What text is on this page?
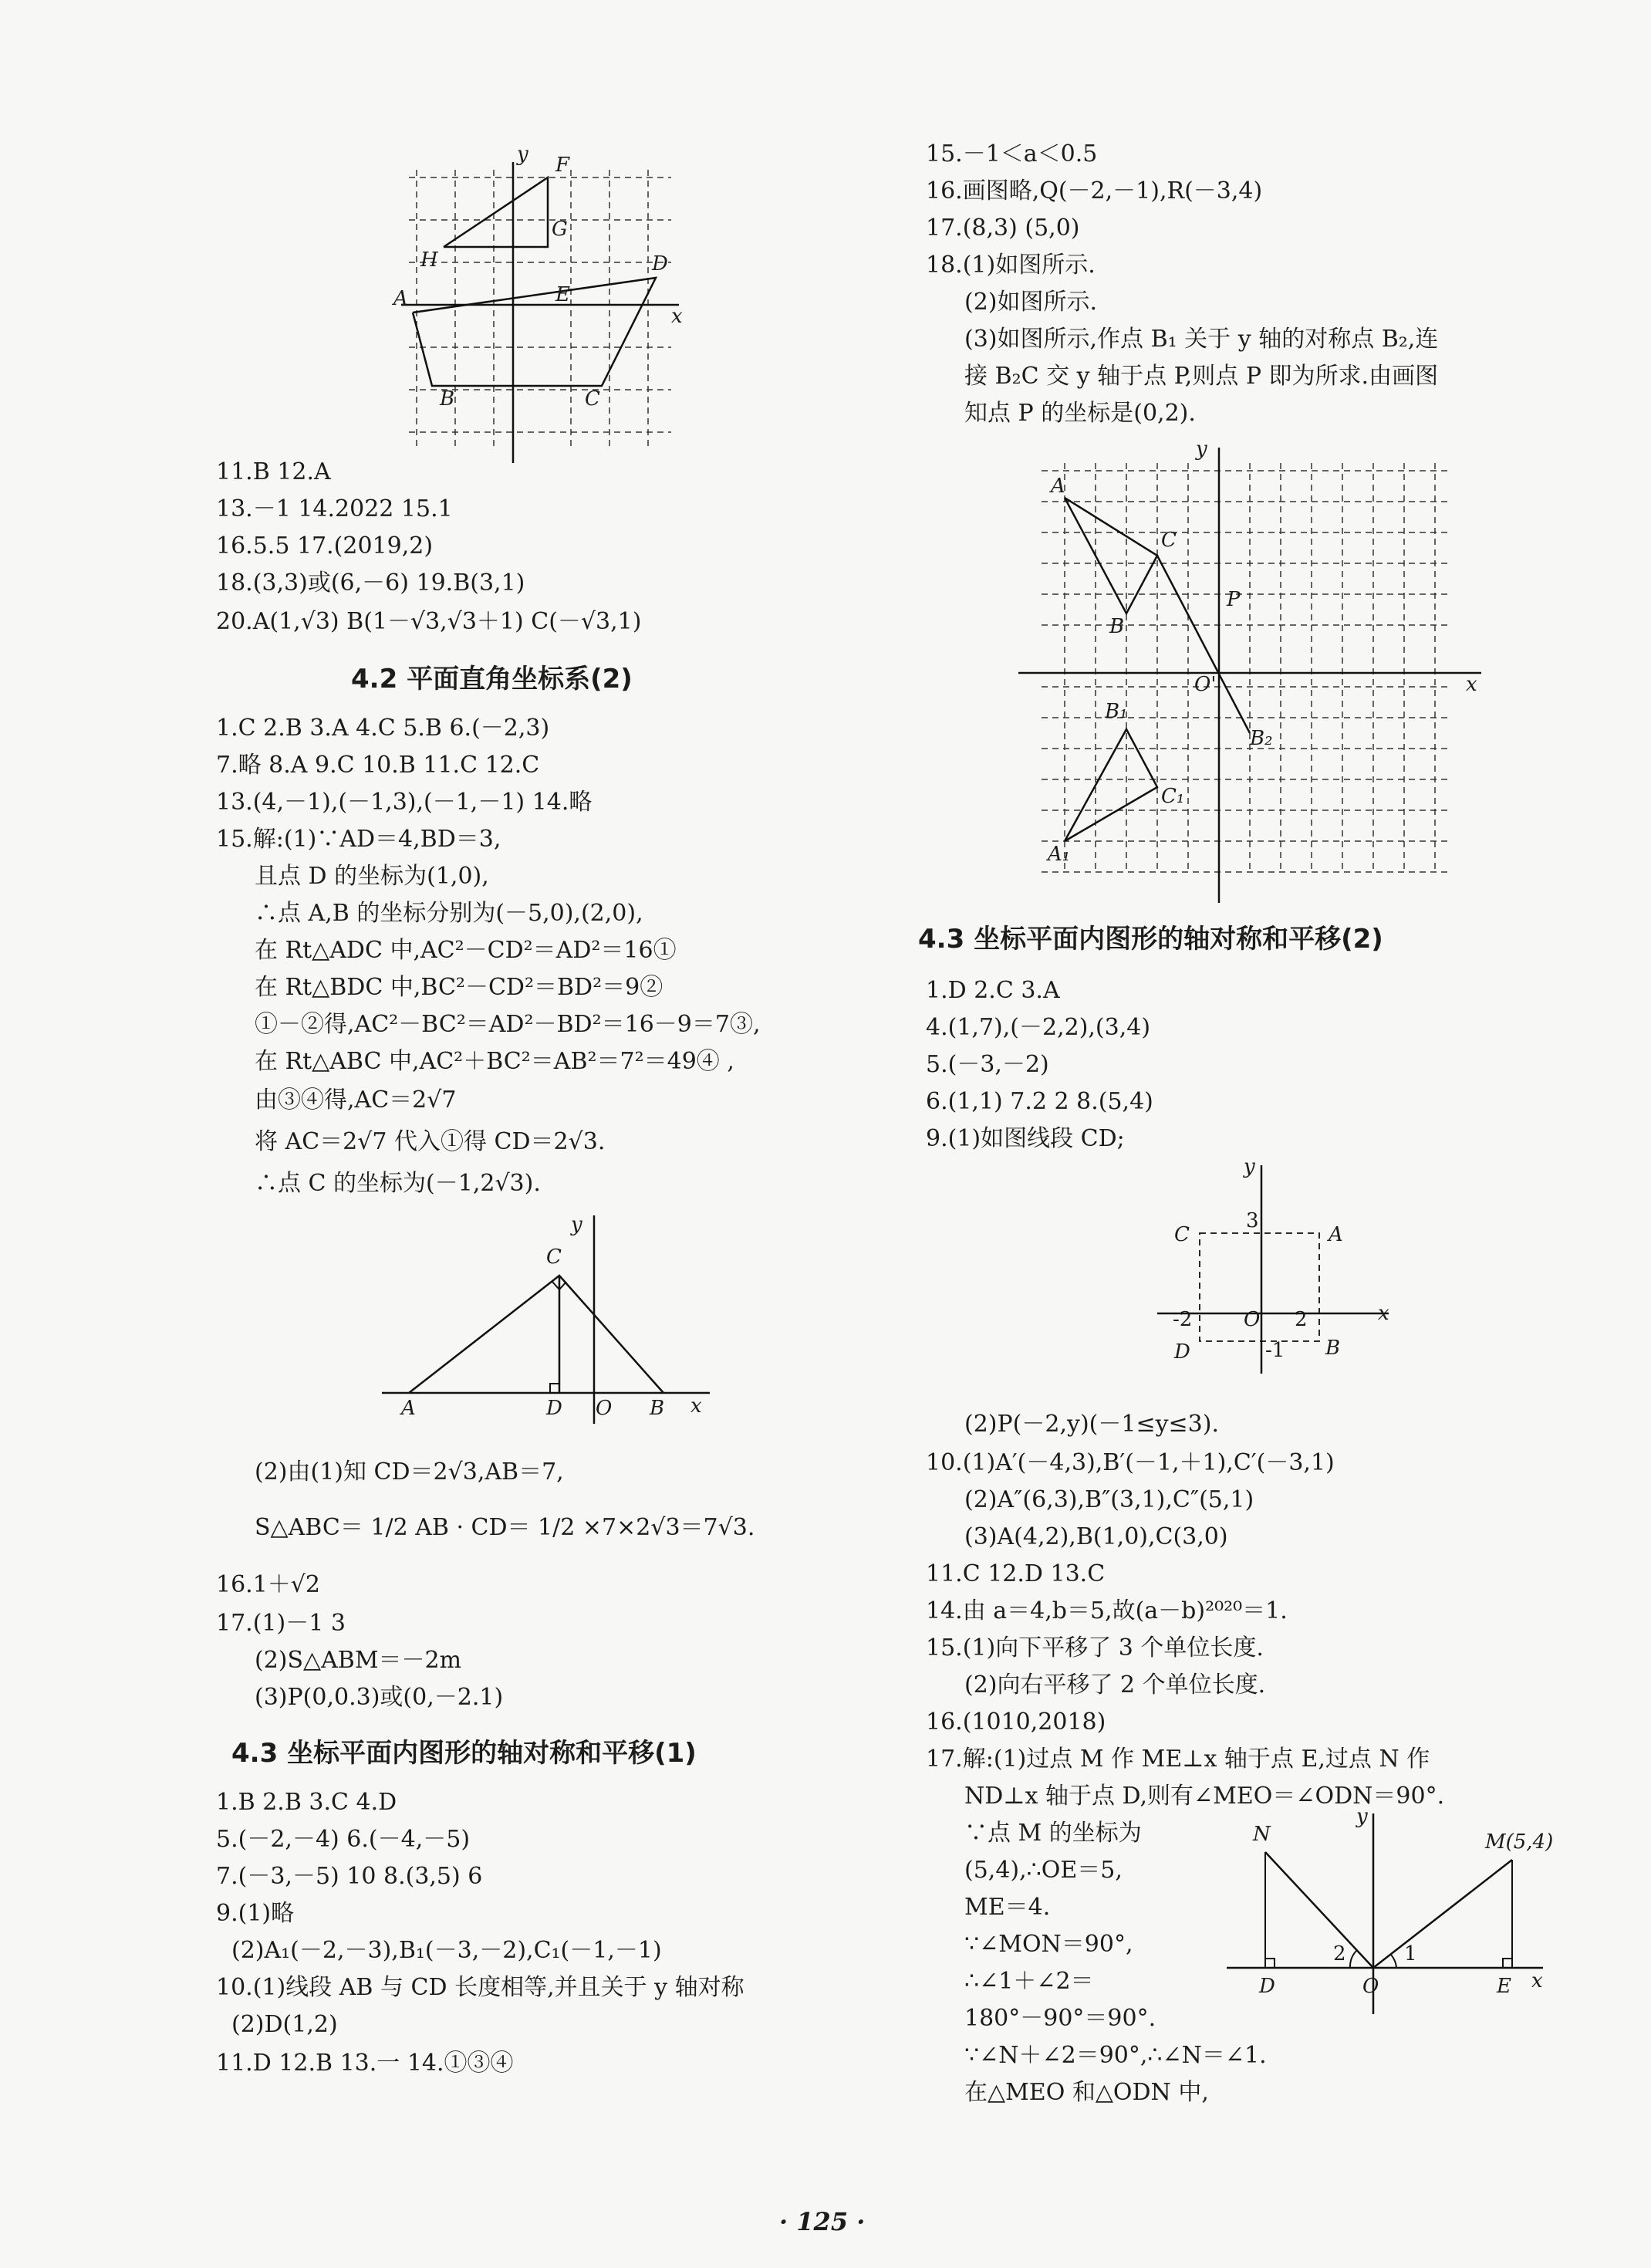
y
x
A
B	C
D
E
F
G
H
11.B 12.A
13.－1 14.2022 15.1
16.5.5 17.(2019,2)
18.(3,3)或(6,－6) 19.B(3,1)
20.A(1,√3) B(1－√3,√3＋1) C(－√3,1)
4.2 平面直角坐标系(2)
1.C 2.B 3.A 4.C 5.B 6.(－2,3)
7.略 8.A 9.C 10.B 11.C 12.C
13.(4,－1),(－1,3),(－1,－1) 14.略
15.解:(1)∵AD＝4,BD＝3,
且点 D 的坐标为(1,0),
∴点 A,B 的坐标分别为(－5,0),(2,0),
在 Rt△ADC 中,AC²－CD²＝AD²＝16①
在 Rt△BDC 中,BC²－CD²＝BD²＝9②
①－②得,AC²－BC²＝AD²－BD²＝16－9＝7③,
在 Rt△ABC 中,AC²＋BC²＝AB²＝7²＝49④ ,
由③④得,AC＝2√7
将 AC＝2√7 代入①得 CD＝2√3.
∴点 C 的坐标为(－1,2√3).
y
x
A
C
D O B
(2)由(1)知 CD＝2√3,AB＝7,
S△ABC＝ 1/2 AB · CD＝ 1/2 ×7×2√3＝7√3.
16.1＋√2
17.(1)－1 3
(2)S△ABM＝－2m
(3)P(0,0.3)或(0,－2.1)
4.3 坐标平面内图形的轴对称和平移(1)
1.B 2.B 3.C 4.D
5.(－2,－4) 6.(－4,－5)
7.(－3,－5) 10 8.(3,5) 6
9.(1)略
(2)A₁(－2,－3),B₁(－3,－2),C₁(－1,－1)
10.(1)线段 AB 与 CD 长度相等,并且关于 y 轴对称
(2)D(1,2)
11.D 12.B 13.一 14.①③④
15.－1＜a＜0.5
16.画图略,Q(－2,－1),R(－3,4)
17.(8,3) (5,0)
18.(1)如图所示.
(2)如图所示.
(3)如图所示,作点 B₁ 关于 y 轴的对称点 B₂,连
接 B₂C 交 y 轴于点 P,则点 P 即为所求.由画图
知点 P 的坐标是(0,2).
y
x
A
C
B
P
O'
B₁
C₁
A₁
B₂
4.3 坐标平面内图形的轴对称和平移(2)
1.D 2.C 3.A
4.(1,7),(－2,2),(3,4)
5.(－3,－2)
6.(1,1) 7.2 2 8.(5,4)
9.(1)如图线段 CD;
y
x
C	A
D	B
O
3
-2	2
-1
(2)P(－2,y)(－1≤y≤3).
10.(1)A′(－4,3),B′(－1,＋1),C′(－3,1)
(2)A″(6,3),B″(3,1),C″(5,1)
(3)A(4,2),B(1,0),C(3,0)
11.C 12.D 13.C
14.由 a＝4,b＝5,故(a－b)²⁰²⁰＝1.
15.(1)向下平移了 3 个单位长度.
(2)向右平移了 2 个单位长度.
16.(1010,2018)
17.解:(1)过点 M 作 ME⊥x 轴于点 E,过点 N 作
ND⊥x 轴于点 D,则有∠MEO＝∠ODN＝90°.
∵点 M 的坐标为
(5,4),∴OE＝5,
ME＝4.
∵∠MON＝90°,
∴∠1＋∠2＝
180°－90°＝90°.
∵∠N＋∠2＝90°,∴∠N＝∠1.
在△MEO 和△ODN 中,
y
x
N	M(5,4)
D	O	E
2	1
· 125 ·
